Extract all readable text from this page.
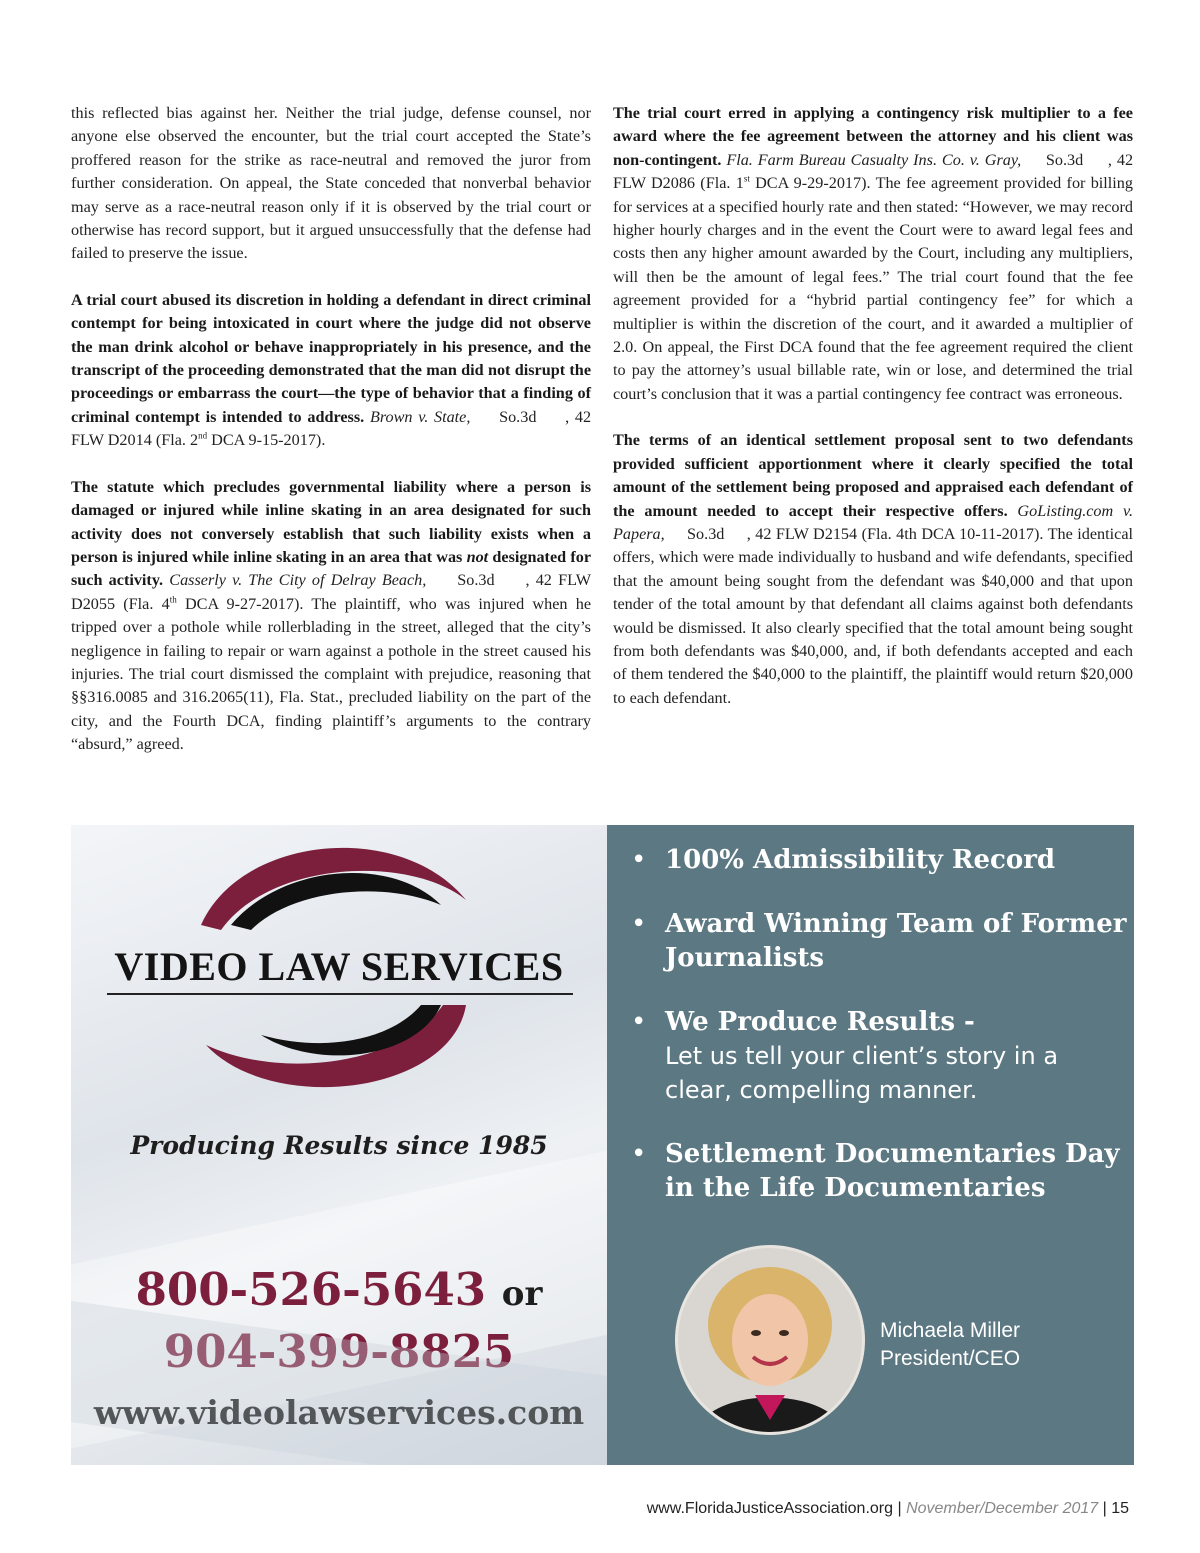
this reflected bias against her. Neither the trial judge, defense counsel, nor anyone else observed the encounter, but the trial court accepted the State’s proffered reason for the strike as race-neutral and removed the juror from further consideration. On appeal, the State conceded that nonverbal behavior may serve as a race-neutral reason only if it is observed by the trial court or otherwise has record support, but it argued unsuccessfully that the defense had failed to preserve the issue.

A trial court abused its discretion in holding a defendant in direct criminal contempt for being intoxicated in court where the judge did not observe the man drink alcohol or behave inappropriately in his presence, and the transcript of the proceeding demonstrated that the man did not disrupt the proceedings or embarrass the court—the type of behavior that a finding of criminal contempt is intended to address. Brown v. State, So.3d , 42 FLW D2014 (Fla. 2nd DCA 9-15-2017).

The statute which precludes governmental liability where a person is damaged or injured while inline skating in an area designated for such activity does not conversely establish that such liability exists when a person is injured while inline skating in an area that was not designated for such activity. Casserly v. The City of Delray Beach, So.3d , 42 FLW D2055 (Fla. 4th DCA 9-27-2017). The plaintiff, who was injured when he tripped over a pothole while rollerblading in the street, alleged that the city’s negligence in failing to repair or warn against a pothole in the street caused his injuries. The trial court dismissed the complaint with prejudice, reasoning that §§316.0085 and 316.2065(11), Fla. Stat., precluded liability on the part of the city, and the Fourth DCA, finding plaintiff’s arguments to the contrary “absurd,” agreed.

The trial court erred in applying a contingency risk multiplier to a fee award where the fee agreement between the attorney and his client was non-contingent. Fla. Farm Bureau Casualty Ins. Co. v. Gray, So.3d , 42 FLW D2086 (Fla. 1st DCA 9-29-2017). The fee agreement provided for billing for services at a specified hourly rate and then stated: “However, we may record higher hourly charges and in the event the Court were to award legal fees and costs then any higher amount awarded by the Court, including any multipliers, will then be the amount of legal fees.” The trial court found that the fee agreement provided for a “hybrid partial contingency fee” for which a multiplier is within the discretion of the court, and it awarded a multiplier of 2.0. On appeal, the First DCA found that the fee agreement required the client to pay the attorney’s usual billable rate, win or lose, and determined the trial court’s conclusion that it was a partial contingency fee contract was erroneous.

The terms of an identical settlement proposal sent to two defendants provided sufficient apportionment where it clearly specified the total amount of the settlement being proposed and appraised each defendant of the amount needed to accept their respective offers. GoListing.com v. Papera, So.3d , 42 FLW D2154 (Fla. 4th DCA 10-11-2017). The identical offers, which were made individually to husband and wife defendants, specified that the amount being sought from the defendant was $40,000 and that upon tender of the total amount by that defendant all claims against both defendants would be dismissed. It also clearly specified that the total amount being sought from both defendants was $40,000, and, if both defendants accepted and each of them tendered the $40,000 to the plaintiff, the plaintiff would return $20,000 to each defendant.

VIDEO LAW SERVICES
Producing Results since 1985
800-526-5643 or
904-399-8825
www.videolawservices.com
• 100% Admissibility Record
• Award Winning Team of Former Journalists
• We Produce Results -
Let us tell your client’s story in a clear, compelling manner.
• Settlement Documentaries Day in the Life Documentaries
Michaela Miller
President/CEO
www.FloridaJusticeAssociation.org | November/December 2017 | 15
